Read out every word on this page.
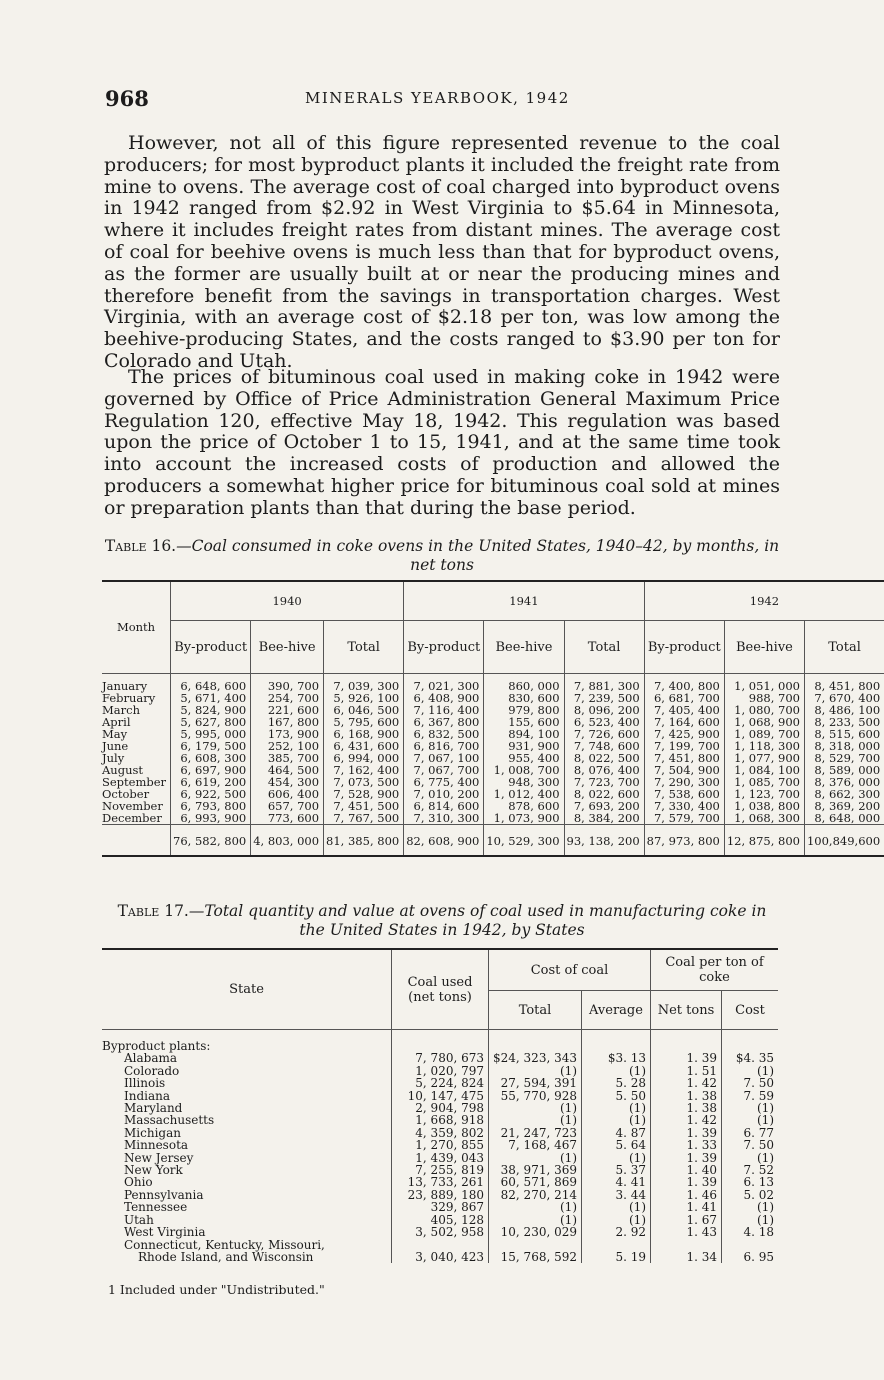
968	MINERALS YEARBOOK, 1942

However, not all of this figure represented revenue to the coal producers; for most byproduct plants it included the freight rate from mine to ovens. The average cost of coal charged into byproduct ovens in 1942 ranged from $2.92 in West Virginia to $5.64 in Minnesota, where it includes freight rates from distant mines. The average cost of coal for beehive ovens is much less than that for byproduct ovens, as the former are usually built at or near the producing mines and therefore benefit from the savings in transportation charges. West Virginia, with an average cost of $2.18 per ton, was low among the beehive-producing States, and the costs ranged to $3.90 per ton for Colorado and Utah.

The prices of bituminous coal used in making coke in 1942 were governed by Office of Price Administration General Maximum Price Regulation 120, effective May 18, 1942. This regulation was based upon the price of October 1 to 15, 1941, and at the same time took into account the increased costs of production and allowed the producers a somewhat higher price for bituminous coal sold at mines or preparation plants than that during the base period.

Table 16.—Coal consumed in coke ovens in the United States, 1940–42, by months, in net tons

Month	1940			1941			1942		
	By-product	Bee-hive	Total	By-product	Bee-hive	Total	By-product	Bee-hive	Total
January	6, 648, 600	390, 700	7, 039, 300	7, 021, 300	860, 000	7, 881, 300	7, 400, 800	1, 051, 000	8, 451, 800
February	5, 671, 400	254, 700	5, 926, 100	6, 408, 900	830, 600	7, 239, 500	6, 681, 700	988, 700	7, 670, 400
March	5, 824, 900	221, 600	6, 046, 500	7, 116, 400	979, 800	8, 096, 200	7, 405, 400	1, 080, 700	8, 486, 100
April	5, 627, 800	167, 800	5, 795, 600	6, 367, 800	155, 600	6, 523, 400	7, 164, 600	1, 068, 900	8, 233, 500
May	5, 995, 000	173, 900	6, 168, 900	6, 832, 500	894, 100	7, 726, 600	7, 425, 900	1, 089, 700	8, 515, 600
June	6, 179, 500	252, 100	6, 431, 600	6, 816, 700	931, 900	7, 748, 600	7, 199, 700	1, 118, 300	8, 318, 000
July	6, 608, 300	385, 700	6, 994, 000	7, 067, 100	955, 400	8, 022, 500	7, 451, 800	1, 077, 900	8, 529, 700
August	6, 697, 900	464, 500	7, 162, 400	7, 067, 700	1, 008, 700	8, 076, 400	7, 504, 900	1, 084, 100	8, 589, 000
September	6, 619, 200	454, 300	7, 073, 500	6, 775, 400	948, 300	7, 723, 700	7, 290, 300	1, 085, 700	8, 376, 000
October	6, 922, 500	606, 400	7, 528, 900	7, 010, 200	1, 012, 400	8, 022, 600	7, 538, 600	1, 123, 700	8, 662, 300
November	6, 793, 800	657, 700	7, 451, 500	6, 814, 600	878, 600	7, 693, 200	7, 330, 400	1, 038, 800	8, 369, 200
December	6, 993, 900	773, 600	7, 767, 500	7, 310, 300	1, 073, 900	8, 384, 200	7, 579, 700	1, 068, 300	8, 648, 000
	76, 582, 800	4, 803, 000	81, 385, 800	82, 608, 900	10, 529, 300	93, 138, 200	87, 973, 800	12, 875, 800	100,849,600

Table 17.—Total quantity and value at ovens of coal used in manufacturing coke in the United States in 1942, by States

State	Coal used (net tons)	Cost of coal		Coal per ton of coke	
		Total	Average	Net tons	Cost
Byproduct plants:					
Alabama	7, 780, 673	$24, 323, 343	$3. 13	1. 39	$4. 35
Colorado	1, 020, 797	(1)	(1)	1. 51	(1)
Illinois	5, 224, 824	27, 594, 391	5. 28	1. 42	7. 50
Indiana	10, 147, 475	55, 770, 928	5. 50	1. 38	7. 59
Maryland	2, 904, 798	(1)	(1)	1. 38	(1)
Massachusetts	1, 668, 918	(1)	(1)	1. 42	(1)
Michigan	4, 359, 802	21, 247, 723	4. 87	1. 39	6. 77
Minnesota	1, 270, 855	7, 168, 467	5. 64	1. 33	7. 50
New Jersey	1, 439, 043	(1)	(1)	1. 39	(1)
New York	7, 255, 819	38, 971, 369	5. 37	1. 40	7. 52
Ohio	13, 733, 261	60, 571, 869	4. 41	1. 39	6. 13
Pennsylvania	23, 889, 180	82, 270, 214	3. 44	1. 46	5. 02
Tennessee	329, 867	(1)	(1)	1. 41	(1)
Utah	405, 128	(1)	(1)	1. 67	(1)
West Virginia	3, 502, 958	10, 230, 029	2. 92	1. 43	4. 18
Connecticut, Kentucky, Missouri,					
Rhode Island, and Wisconsin	3, 040, 423	15, 768, 592	5. 19	1. 34	6. 95
1 Included under "Undistributed."
